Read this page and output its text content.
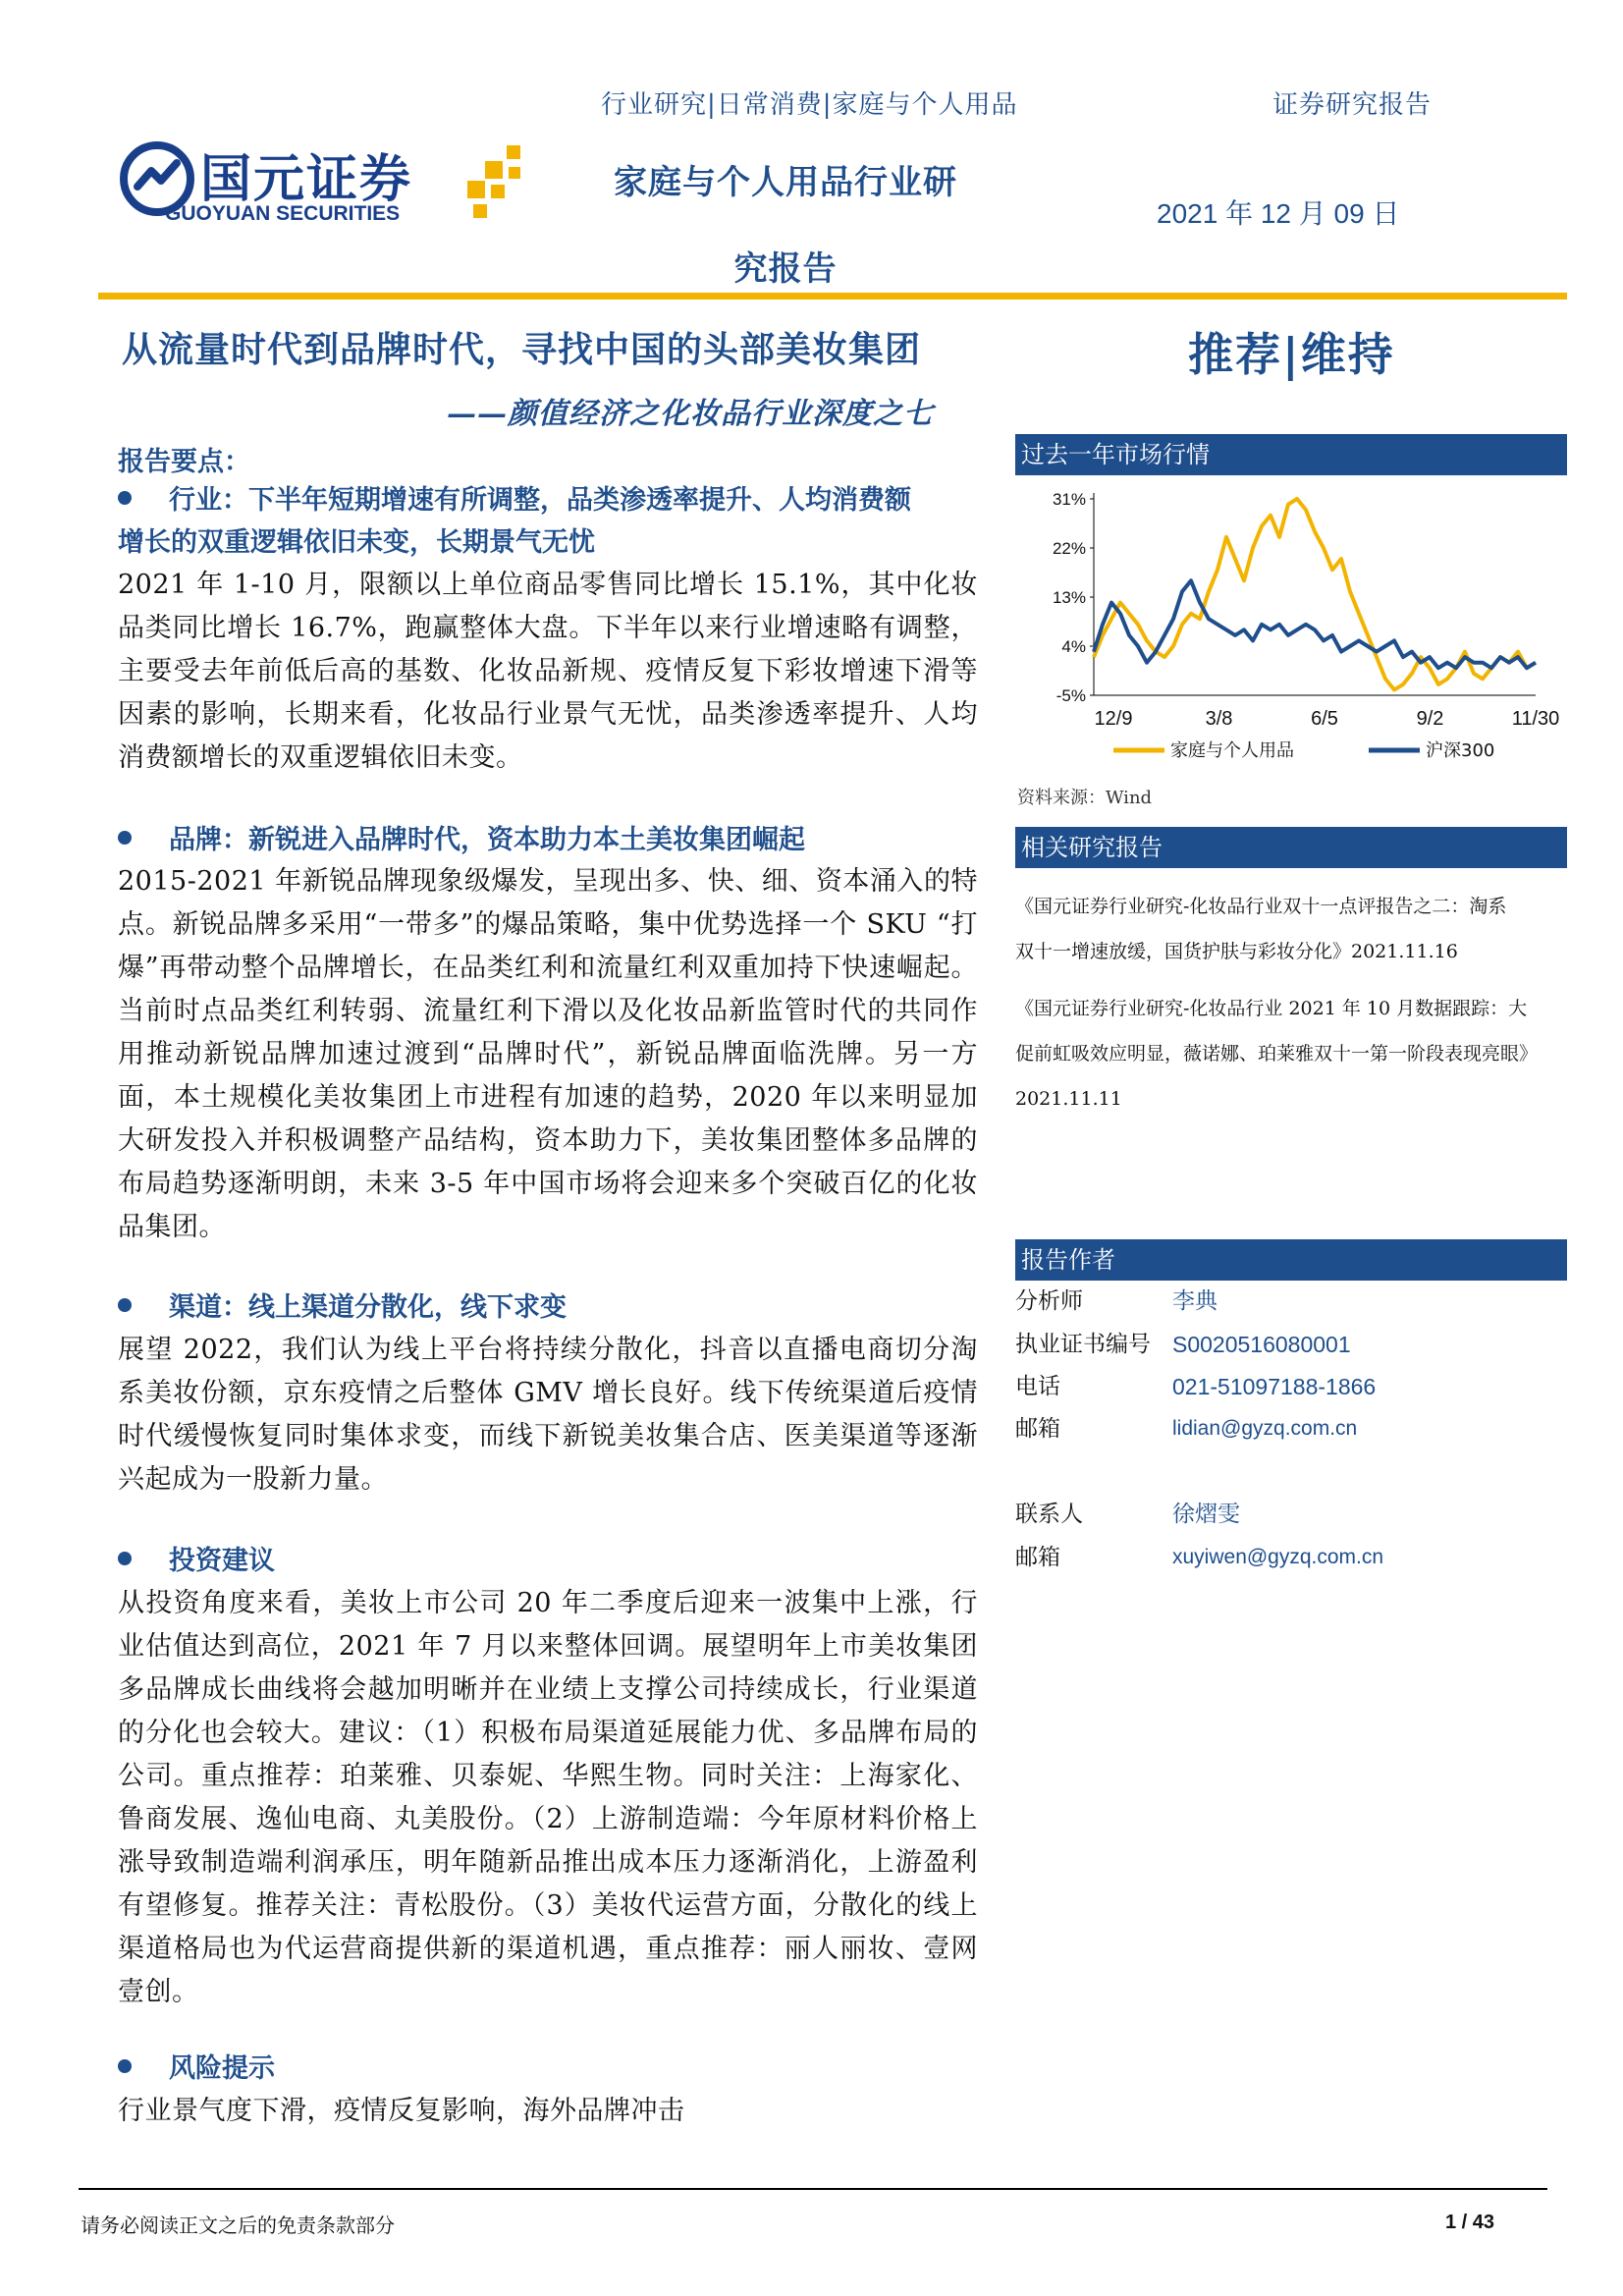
行业研究|日常消费|家庭与个人用品	证券研究报告
国元证券
GUOYUAN SECURITIES
家庭与个人用品行业研
究报告
2021 年 12 月 09 日
从流量时代到品牌时代，寻找中国的头部美妆集团
——颜值经济之化妆品行业深度之七
推荐|维持
报告要点：
行业：下半年短期增速有所调整，品类渗透率提升、人均消费额
增长的双重逻辑依旧未变，长期景气无忧
2021 年 1-10 月，限额以上单位商品零售同比增长 15.1%，其中化妆品类同比增长 16.7%，跑赢整体大盘。下半年以来行业增速略有调整，主要受去年前低后高的基数、化妆品新规、疫情反复下彩妆增速下滑等因素的影响，长期来看，化妆品行业景气无忧，品类渗透率提升、人均消费额增长的双重逻辑依旧未变。
品牌：新锐进入品牌时代，资本助力本土美妆集团崛起
2015-2021 年新锐品牌现象级爆发，呈现出多、快、细、资本涌入的特点。新锐品牌多采用“一带多”的爆品策略，集中优势选择一个 SKU “打爆”再带动整个品牌增长，在品类红利和流量红利双重加持下快速崛起。当前时点品类红利转弱、流量红利下滑以及化妆品新监管时代的共同作用推动新锐品牌加速过渡到“品牌时代”，新锐品牌面临洗牌。另一方面，本土规模化美妆集团上市进程有加速的趋势，2020 年以来明显加大研发投入并积极调整产品结构，资本助力下，美妆集团整体多品牌的布局趋势逐渐明朗，未来 3-5 年中国市场将会迎来多个突破百亿的化妆品集团。
渠道：线上渠道分散化，线下求变
展望 2022，我们认为线上平台将持续分散化，抖音以直播电商切分淘系美妆份额，京东疫情之后整体 GMV 增长良好。线下传统渠道后疫情时代缓慢恢复同时集体求变，而线下新锐美妆集合店、医美渠道等逐渐兴起成为一股新力量。
投资建议
从投资角度来看，美妆上市公司 20 年二季度后迎来一波集中上涨，行业估值达到高位，2021 年 7 月以来整体回调。展望明年上市美妆集团多品牌成长曲线将会越加明晰并在业绩上支撑公司持续成长，行业渠道的分化也会较大。建议：（1）积极布局渠道延展能力优、多品牌布局的公司。重点推荐：珀莱雅、贝泰妮、华熙生物。同时关注：上海家化、鲁商发展、逸仙电商、丸美股份。（2）上游制造端：今年原材料价格上涨导致制造端利润承压，明年随新品推出成本压力逐渐消化，上游盈利有望修复。推荐关注：青松股份。（3）美妆代运营方面，分散化的线上渠道格局也为代运营商提供新的渠道机遇，重点推荐：丽人丽妆、壹网壹创。
风险提示
行业景气度下滑，疫情反复影响，海外品牌冲击
过去一年市场行情
31%
22%
13%
4%
-5%
12/9	3/8	6/5	9/2	11/30
家庭与个人用品	沪深300
资料来源：Wind
相关研究报告
《国元证券行业研究-化妆品行业双十一点评报告之二：淘系
双十一增速放缓，国货护肤与彩妆分化》2021.11.16
《国元证券行业研究-化妆品行业 2021 年 10 月数据跟踪：大
促前虹吸效应明显，薇诺娜、珀莱雅双十一第一阶段表现亮眼》
2021.11.11
报告作者
分析师	李典
执业证书编号 S0020516080001
电话	021-51097188-1866
邮箱	lidian@gyzq.com.cn
联系人	徐熠雯
邮箱	xuyiwen@gyzq.com.cn
请务必阅读正文之后的免责条款部分	1 / 43
